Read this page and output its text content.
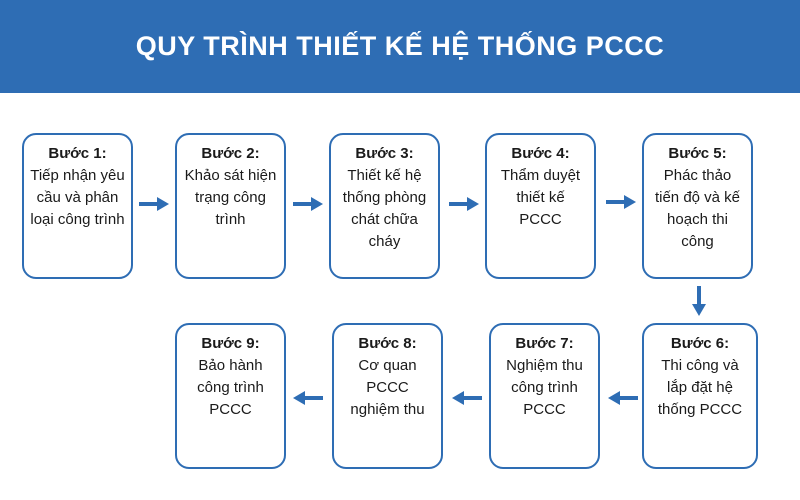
QUY TRÌNH THIẾT KẾ HỆ THỐNG PCCC
Bước 1:
Tiếp nhận yêu cầu và phân loại công trình
Bước 2:
Khảo sát hiện trạng công trình
Bước 3:
Thiết kế hệ thống phòng chát chữa cháy
Bước 4:
Thẩm duyệt thiết kế PCCC
Bước 5:
Phác thảo tiến độ và kế hoạch thi công
Bước 6:
Thi công và lắp đặt hệ thống PCCC
Bước 7:
Nghiệm thu công trình PCCC
Bước 8:
Cơ quan PCCC nghiệm thu
Bước 9:
Bảo hành công trình PCCC
